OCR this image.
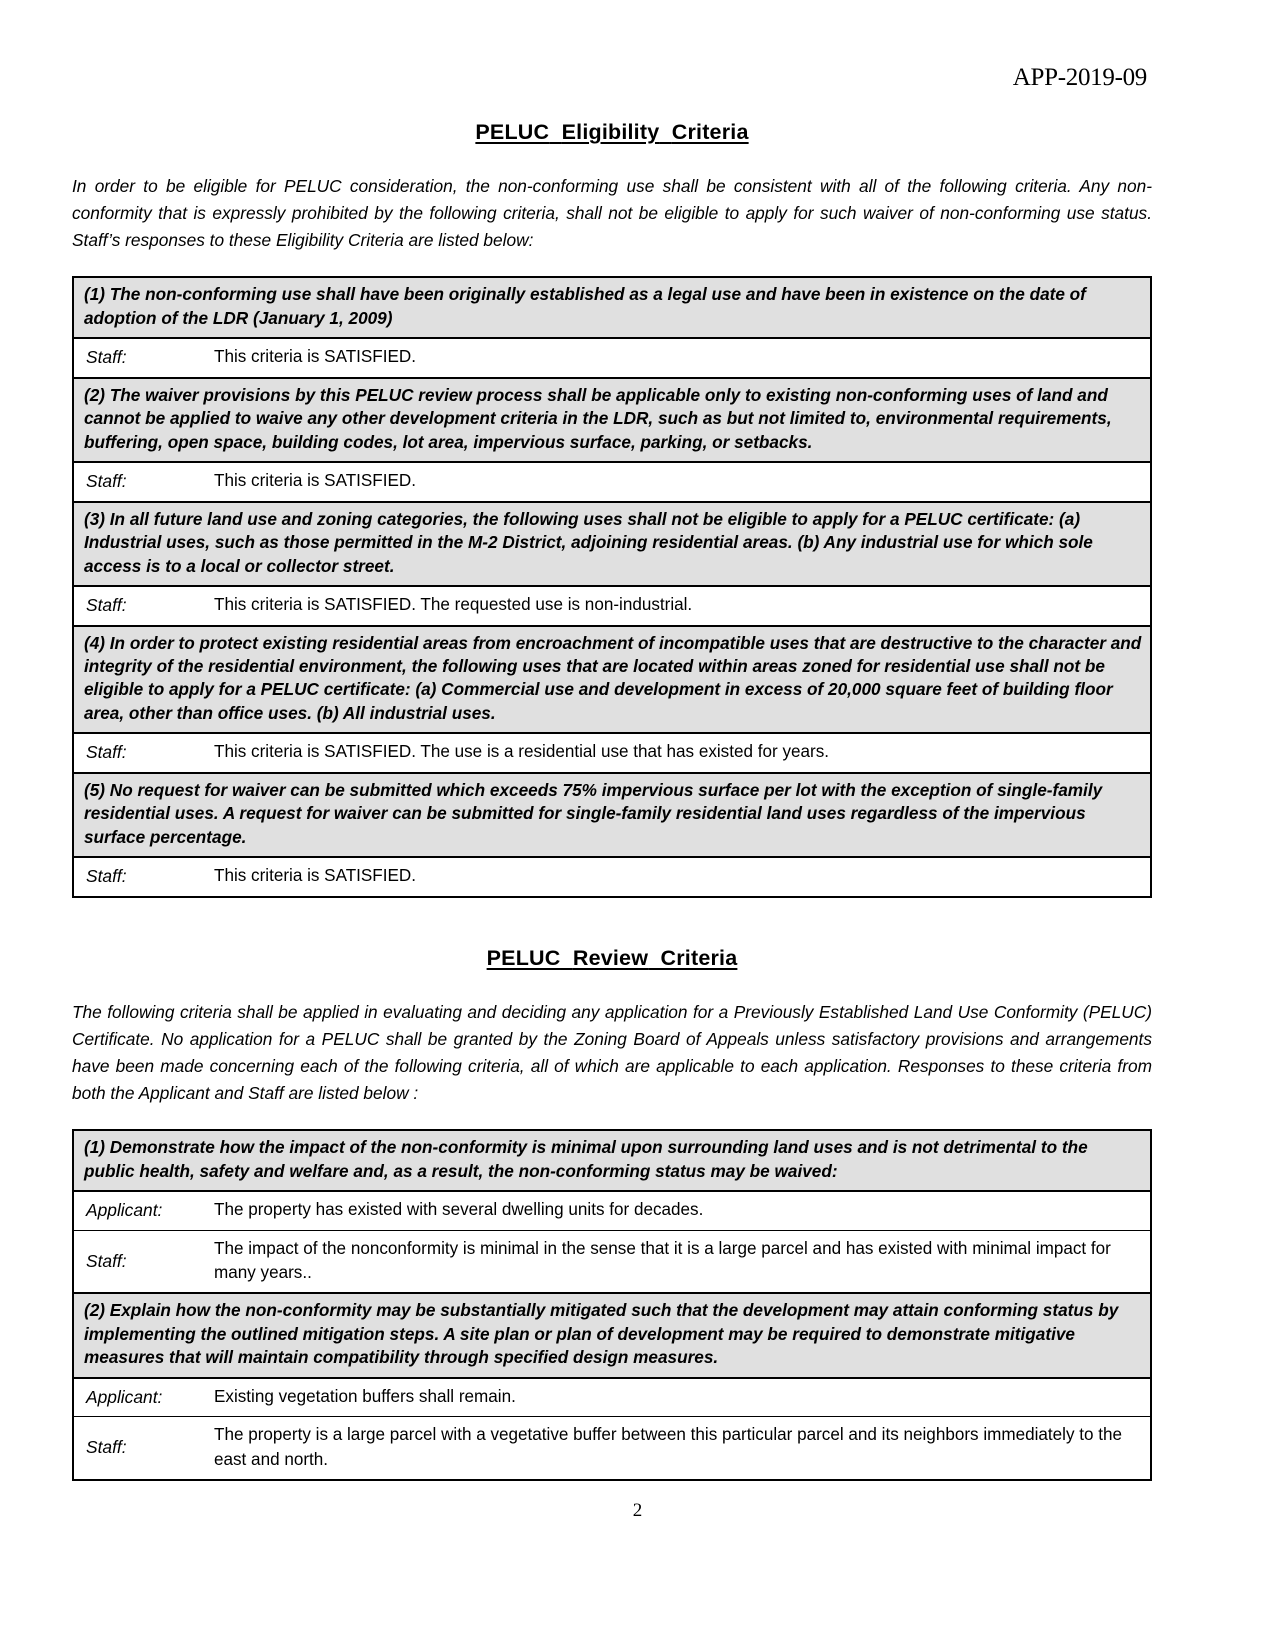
APP-2019-09
PELUC Eligibility Criteria

In order to be eligible for PELUC consideration, the non-conforming use shall be consistent with all of the following criteria. Any non-conformity that is expressly prohibited by the following criteria, shall not be eligible to apply for such waiver of non-conforming use status. Staff’s responses to these Eligibility Criteria are listed below:

(1) The non-conforming use shall have been originally established as a legal use and have been in existence on the date of adoption of the LDR (January 1, 2009)

Staff:	This criteria is SATISFIED.

(2) The waiver provisions by this PELUC review process shall be applicable only to existing non-conforming uses of land and cannot be applied to waive any other development criteria in the LDR, such as but not limited to, environmental requirements, buffering, open space, building codes, lot area, impervious surface, parking, or setbacks.

Staff:	This criteria is SATISFIED.

(3) In all future land use and zoning categories, the following uses shall not be eligible to apply for a PELUC certificate: (a) Industrial uses, such as those permitted in the M-2 District, adjoining residential areas. (b) Any industrial use for which sole access is to a local or collector street.

Staff:	This criteria is SATISFIED. The requested use is non-industrial.

(4) In order to protect existing residential areas from encroachment of incompatible uses that are destructive to the character and integrity of the residential environment, the following uses that are located within areas zoned for residential use shall not be eligible to apply for a PELUC certificate: (a) Commercial use and development in excess of 20,000 square feet of building floor area, other than office uses. (b) All industrial uses.

Staff:	This criteria is SATISFIED. The use is a residential use that has existed for years.

(5) No request for waiver can be submitted which exceeds 75% impervious surface per lot with the exception of single-family residential uses. A request for waiver can be submitted for single-family residential land uses regardless of the impervious surface percentage.

Staff:	This criteria is SATISFIED.
PELUC Review Criteria

The following criteria shall be applied in evaluating and deciding any application for a Previously Established Land Use Conformity (PELUC) Certificate. No application for a PELUC shall be granted by the Zoning Board of Appeals unless satisfactory provisions and arrangements have been made concerning each of the following criteria, all of which are applicable to each application. Responses to these criteria from both the Applicant and Staff are listed below :

(1) Demonstrate how the impact of the non-conformity is minimal upon surrounding land uses and is not detrimental to the public health, safety and welfare and, as a result, the non-conforming status may be waived:

Applicant:	The property has existed with several dwelling units for decades.

Staff:
The impact of the nonconformity is minimal in the sense that it is a large parcel and has existed with minimal impact for many years..

(2) Explain how the non-conformity may be substantially mitigated such that the development may attain conforming status by implementing the outlined mitigation steps. A site plan or plan of development may be required to demonstrate mitigative measures that will maintain compatibility through specified design measures.

Applicant:	Existing vegetation buffers shall remain.

Staff:
The property is a large parcel with a vegetative buffer between this particular parcel and its neighbors immediately to the east and north.
2
